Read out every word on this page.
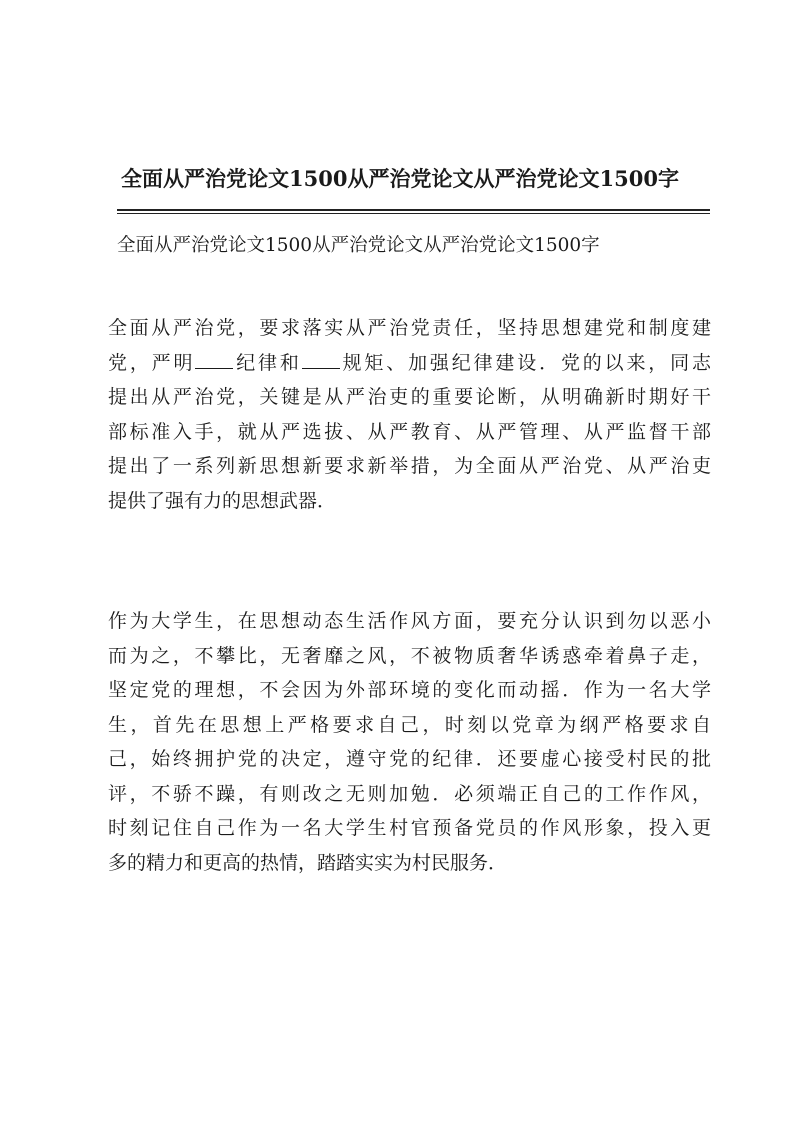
全面从严治党论文1500从严治党论文从严治党论文1500字
全面从严治党论文1500从严治党论文从严治党论文1500字
全面从严治党，要求落实从严治党责任，坚持思想建党和制度建
党，严明 纪律和 规矩、加强纪律建设．党的以来，同志
提出从严治党，关键是从严治吏的重要论断，从明确新时期好干
部标准入手，就从严选拔、从严教育、从严管理、从严监督干部
提出了一系列新思想新要求新举措，为全面从严治党、从严治吏
提供了强有力的思想武器．
作为大学生，在思想动态生活作风方面，要充分认识到勿以恶小
而为之，不攀比，无奢靡之风，不被物质奢华诱惑牵着鼻子走，
坚定党的理想，不会因为外部环境的变化而动摇．作为一名大学
生，首先在思想上严格要求自己，时刻以党章为纲严格要求自
己，始终拥护党的决定，遵守党的纪律．还要虚心接受村民的批
评，不骄不躁，有则改之无则加勉．必须端正自己的工作作风，
时刻记住自己作为一名大学生村官预备党员的作风形象，投入更
多的精力和更高的热情，踏踏实实为村民服务．
